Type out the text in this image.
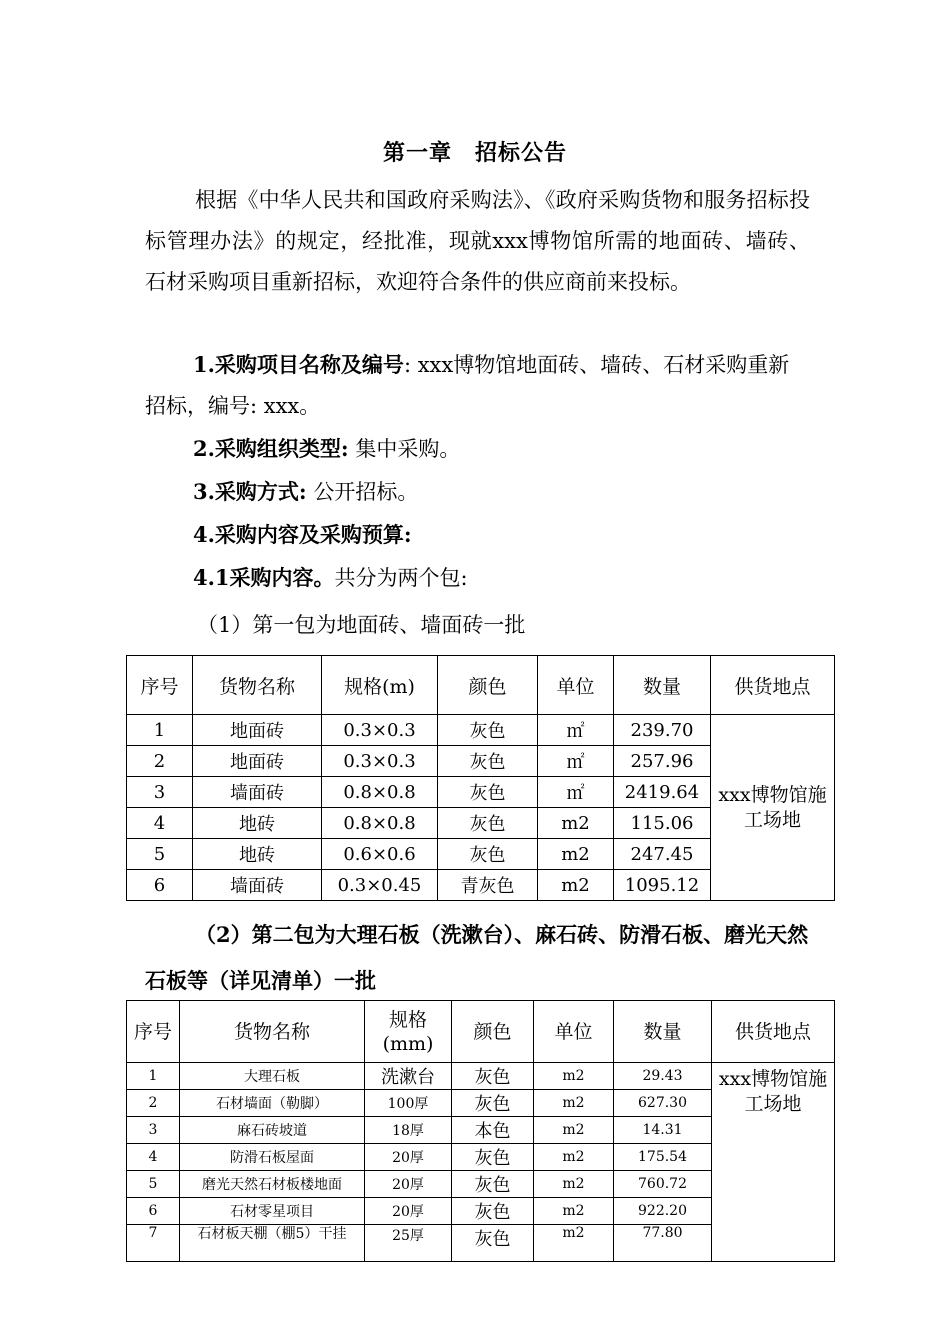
第一章　招标公告
根据《中华人民共和国政府采购法》、《政府采购货物和服务招标投标管理办法》的规定，经批准，现就xxx博物馆所需的地面砖、墙砖、石材采购项目重新招标，欢迎符合条件的供应商前来投标。
1.采购项目名称及编号: xxx博物馆地面砖、墙砖、石材采购重新招标，编号: xxx。
2.采购组织类型: 集中采购。
3.采购方式: 公开招标。
4.采购内容及采购预算:
4.1采购内容。共分为两个包:
（1）第一包为地面砖、墙面砖一批
序号	货物名称	规格(m)	颜色	单位	数量	供货地点
1	地面砖	0.3×0.3	灰色	㎡	239.70	xxx博物馆施工场地
2	地面砖	0.3×0.3	灰色	㎡	257.96	
3	墙面砖	0.8×0.8	灰色	㎡	2419.64	
4	地砖	0.8×0.8	灰色	m2	115.06	
5	地砖	0.6×0.6	灰色	m2	247.45	
6	墙面砖	0.3×0.45	青灰色	m2	1095.12	
（2）第二包为大理石板（洗漱台）、麻石砖、防滑石板、磨光天然石板等（详见清单）一批
序号	货物名称	规格(mm)	颜色	单位	数量	供货地点
1	大理石板	洗漱台	灰色	m2	29.43	xxx博物馆施工场地
2	石材墙面（勒脚）	100厚	灰色	m2	627.30	
3	麻石砖坡道	18厚	本色	m2	14.31	
4	防滑石板屋面	20厚	灰色	m2	175.54	
5	磨光天然石材板楼地面	20厚	灰色	m2	760.72	
6	石材零星项目	20厚	灰色	m2	922.20	
7	石材板天棚（棚5）干挂	25厚	灰色	m2	77.80	
